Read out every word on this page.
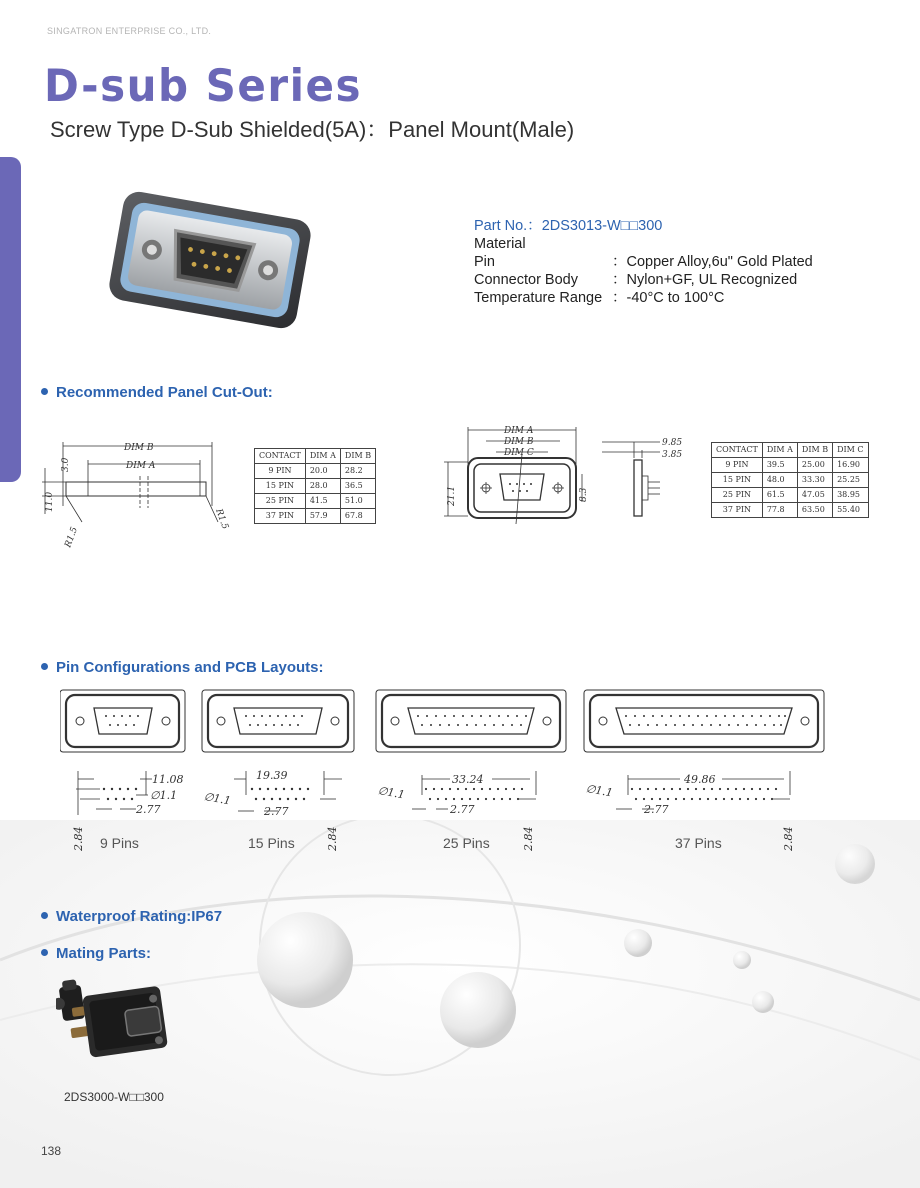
SINGATRON ENTERPRISE CO., LTD.
D-sub Series
Screw Type D-Sub Shielded(5A)：Panel Mount(Male)
Part No.：2DS3013-W□□300
Material
Pin	：Copper Alloy,6u" Gold Plated
Connector Body ：Nylon+GF, UL Recognized
Temperature Range ：-40°C to 100°C
Recommended Panel Cut-Out:
DIM B
DIM A
3.0
11.0
R1.5
R1.5
CONTACT	DIM A	DIM B
9 PIN	20.0	28.2
15 PIN	28.0	36.5
25 PIN	41.5	51.0
37 PIN	57.9	67.8
DIM A
DIM B
DIM C
21.1	8.3
9.85
3.85
CONTACT	DIM A	DIM B	DIM C
9 PIN	39.5	25.00	16.90
15 PIN	48.0	33.30	25.25
25 PIN	61.5	47.05	38.95
37 PIN	77.8	63.50	55.40
Pin Configurations and PCB Layouts:
11.08
∅1.1
2.77
2.84
19.39
∅1.1
2.77
2.84
33.24
∅1.1
2.77
2.84
49.86
∅1.1
2.77
2.84
9 Pins	15 Pins	25 Pins	37 Pins
Waterproof Rating:IP67
Mating Parts:
2DS3000-W□□300
138
